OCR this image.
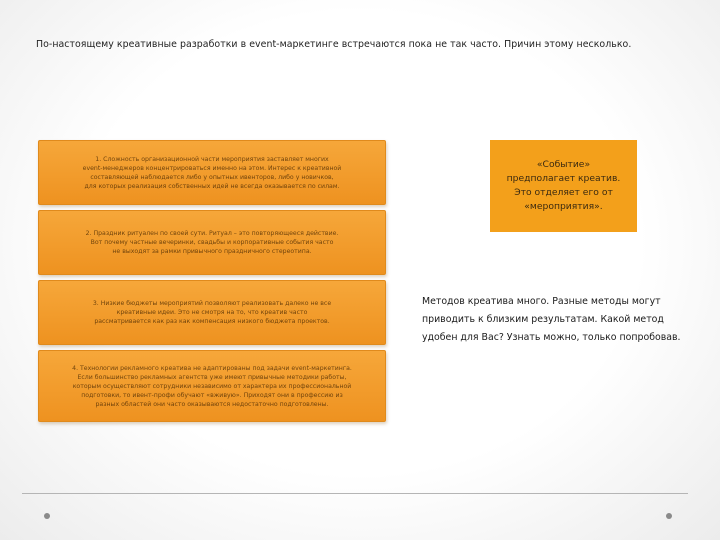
По-настоящему креативные разработки в event-маркетинге встречаются пока не так часто. Причин этому несколько.
1. Сложность организационной части мероприятия заставляет многих
event-менеджеров концентрироваться именно на этом. Интерес к креативной
составляющей наблюдается либо у опытных ивенторов, либо у новичков,
для которых реализация собственных идей не всегда оказывается по силам.
2. Праздник ритуален по своей сути. Ритуал – это повторяющееся действие.
Вот почему частные вечеринки, свадьбы и корпоративные события часто
не выходят за рамки привычного праздничного стереотипа.
3. Низкие бюджеты мероприятий позволяют реализовать далеко не все
креативные идеи. Это не смотря на то, что креатив часто
рассматривается как раз как компенсация низкого бюджета проектов.
4. Технологии рекламного креатива не адаптированы под задачи event-маркетинга.
Если большинство рекламных агентств уже имеют привычные методики работы,
которым осуществляют сотрудники независимо от характера их профессиональной
подготовки, то ивент-профи обучают «вживую». Приходят они в профессию из
разных областей они часто оказываются недостаточно подготовлены.
«Событие»
предполагает креатив.
Это отделяет его от
«мероприятия».
Методов креатива много. Разные методы могут
приводить к близким результатам. Какой метод
удобен для Вас? Узнать можно, только попробовав.
